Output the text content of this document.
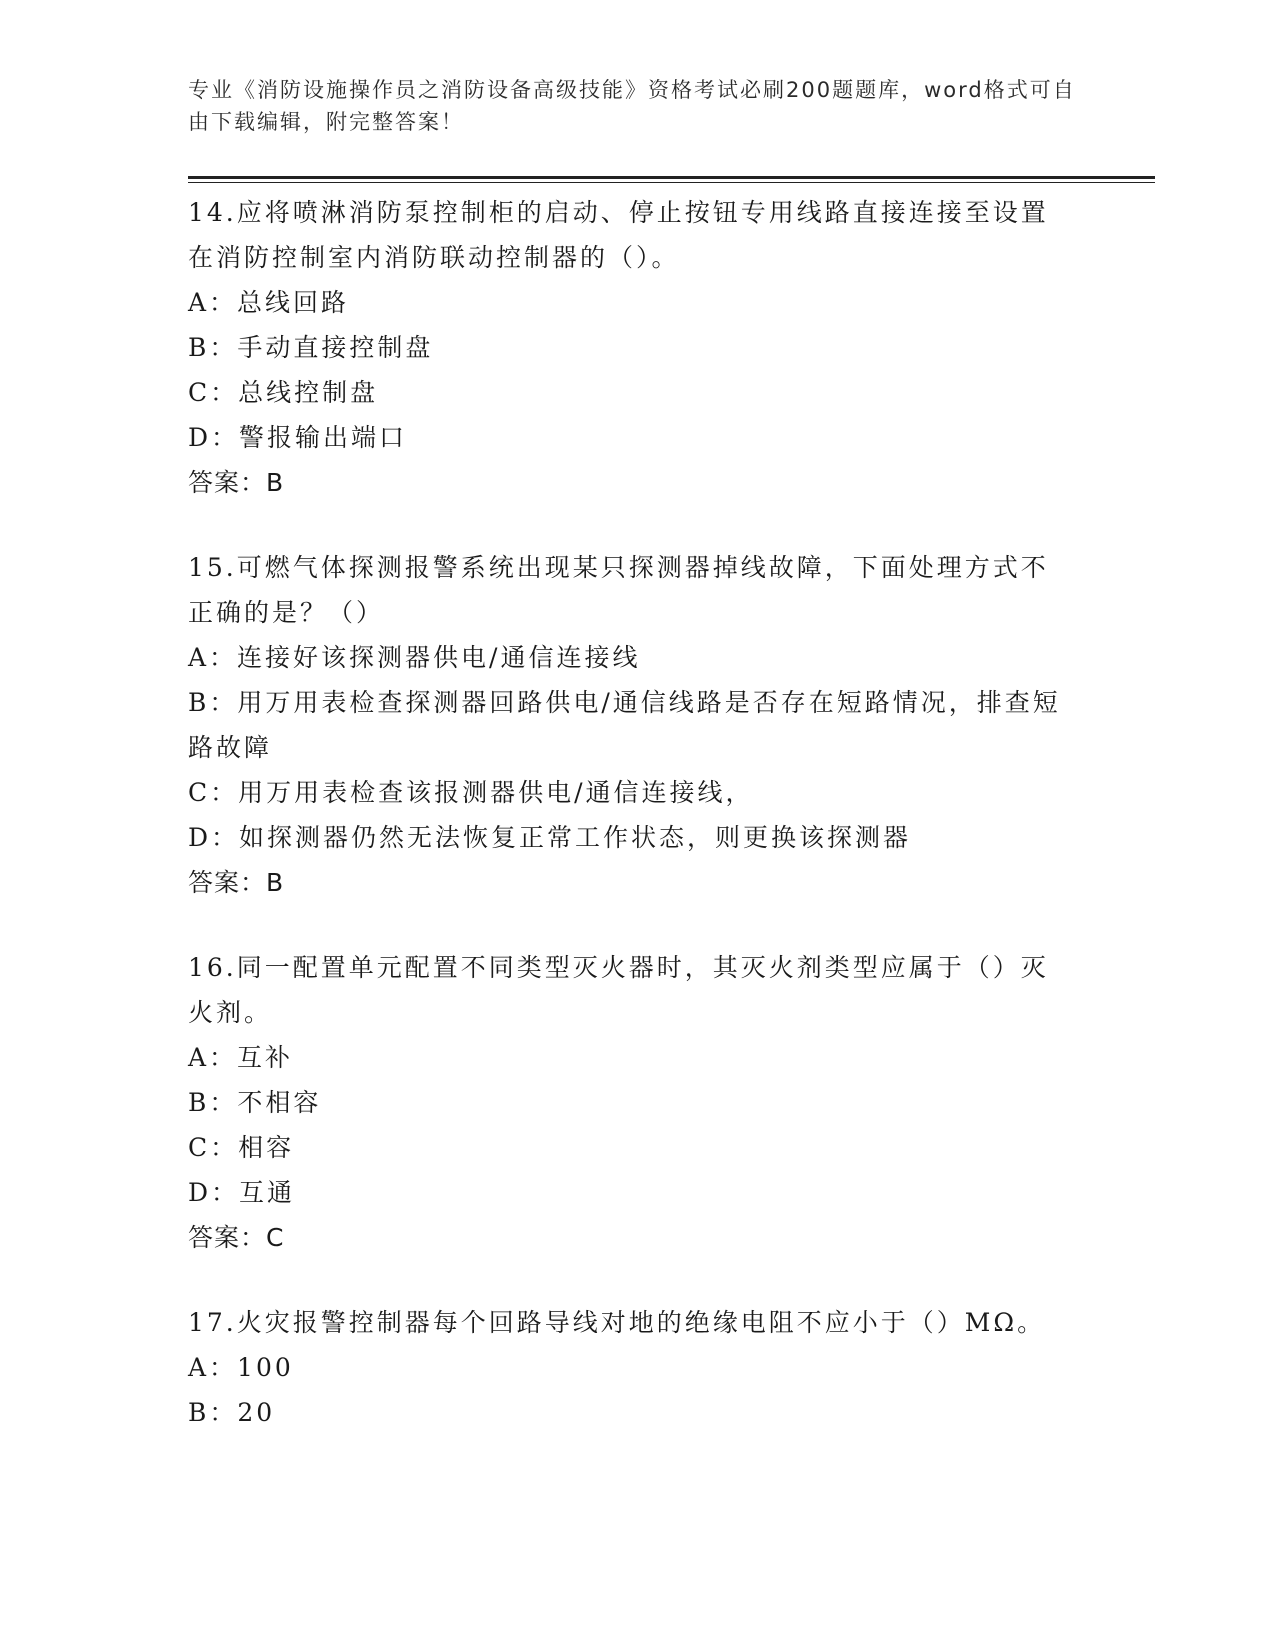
专业《消防设施操作员之消防设备高级技能》资格考试必刷200题题库，word格式可自由下载编辑，附完整答案！
14.应将喷淋消防泵控制柜的启动、停止按钮专用线路直接连接至设置在消防控制室内消防联动控制器的（）。
A：总线回路
B：手动直接控制盘
C：总线控制盘
D：警报输出端口
答案：B
15.可燃气体探测报警系统出现某只探测器掉线故障，下面处理方式不正确的是？（）
A：连接好该探测器供电/通信连接线
B：用万用表检查探测器回路供电/通信线路是否存在短路情况，排查短路故障
C：用万用表检查该报测器供电/通信连接线，
D：如探测器仍然无法恢复正常工作状态，则更换该探测器
答案：B
16.同一配置单元配置不同类型灭火器时，其灭火剂类型应属于（）灭火剂。
A：互补
B：不相容
C：相容
D：互通
答案：C
17.火灾报警控制器每个回路导线对地的绝缘电阻不应小于（）MΩ。
A：100
B：20
